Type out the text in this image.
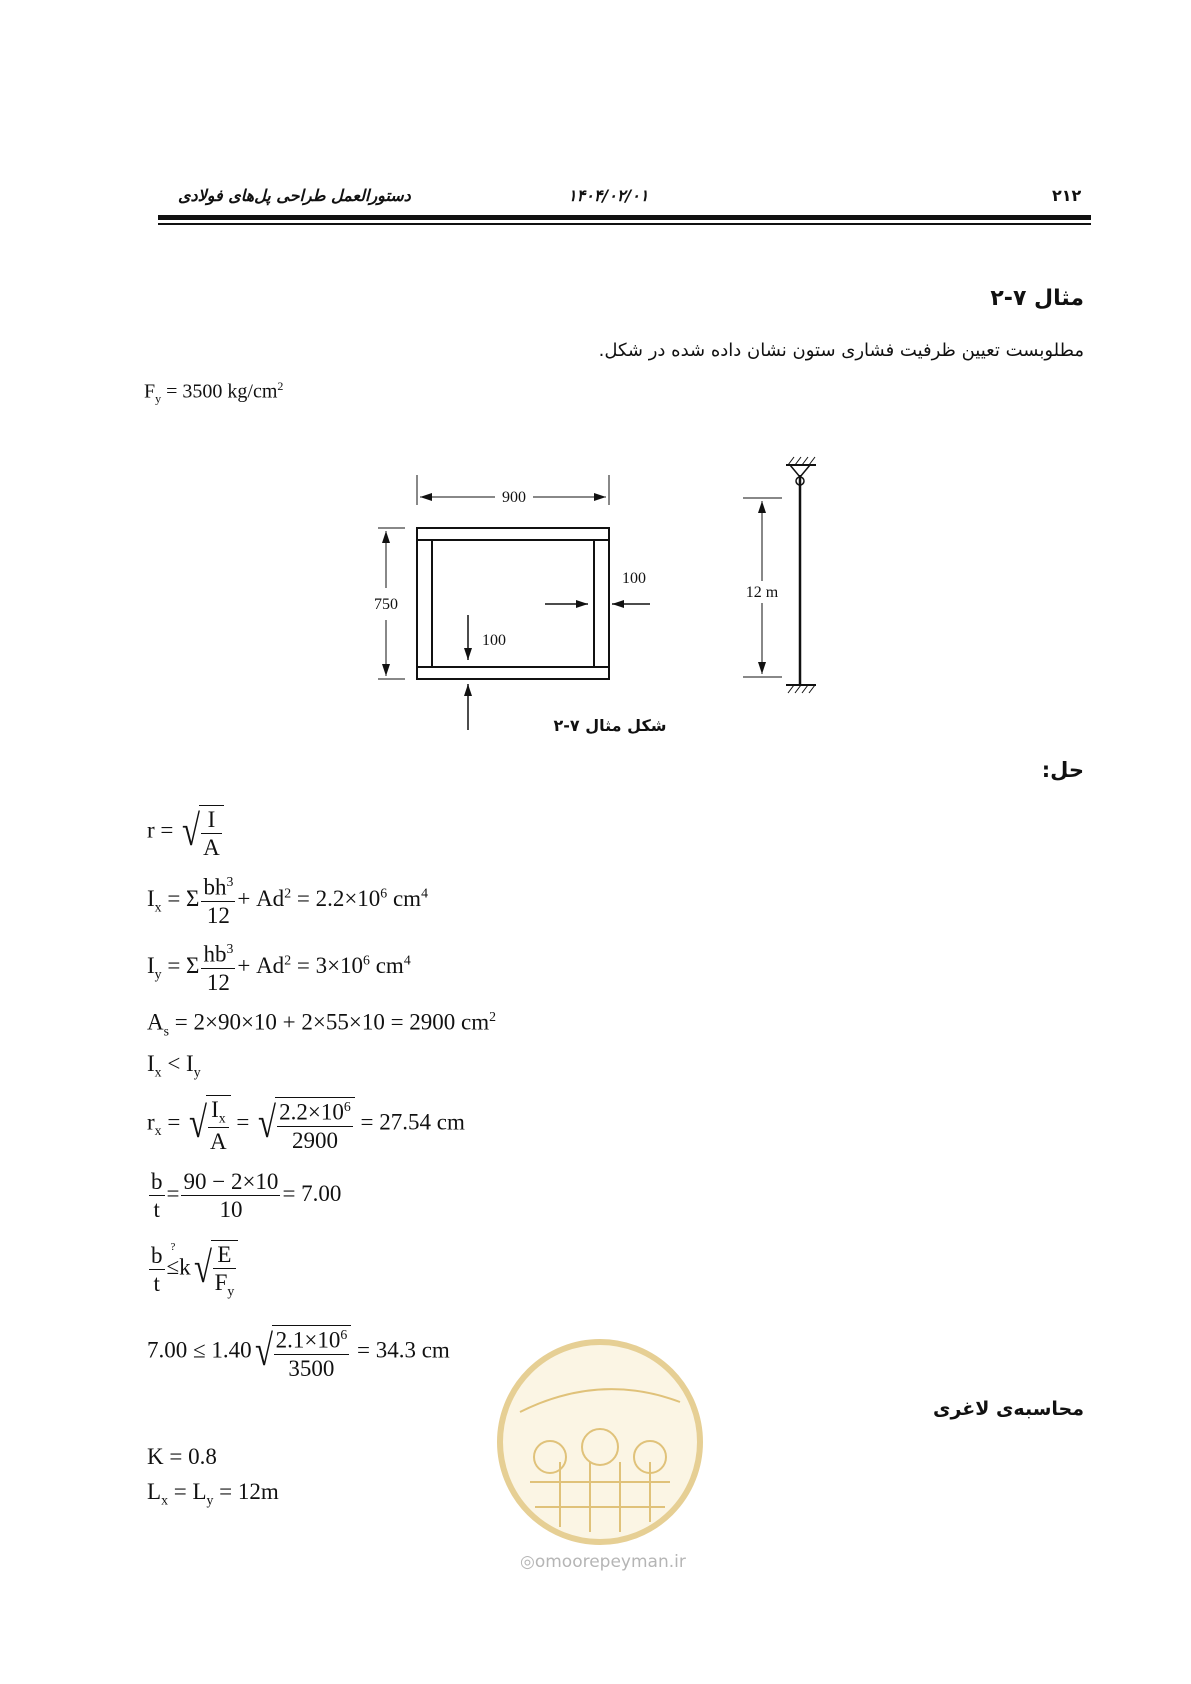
۲۱۲
۱۴۰۴/۰۲/۰۱
دستورالعمل طراحی پل‌های فولادی
مثال ۷-۲
مطلوبست تعیین ظرفیت فشاری ستون نشان داده شده در شکل.
$F_y = 3500$ $kg/cm^2$
900
750
100
100
12 m
شکل مثال ۷-۲
حل:
r = √ $\frac{I}{A}$
$I_x = \Sigma \frac{bh^3}{12} + Ad^2 = 2.2\times 10^6$ $cm^4$
$I_y = \Sigma \frac{hb^3}{12} + Ad^2 = 3\times 10^6$ $cm^4$
$A_s = 2\times 90\times 10 + 2\times 55\times 10 = 2900$ $cm^2$
$I_x < I_y$
$r_x$ = √ $\frac{I_x}{A}$ = √ $\frac{2.2\times 10^6}{2900} = 27.54$ cm
$\frac{b}{t} = \frac{90 - 2\times 10}{10} = 7.00$
$\frac{b}{t}$ ≤
?
$k√ \frac{E}{F_y}$
$7.00 \le 1.40√ \frac{2.1\times 10^6}{3500} = 34.3$ cm
محاسبه‌ی لاغری
K = 0.8
$L_x = L_y = 12m$
◎omoorepeyman.ir
